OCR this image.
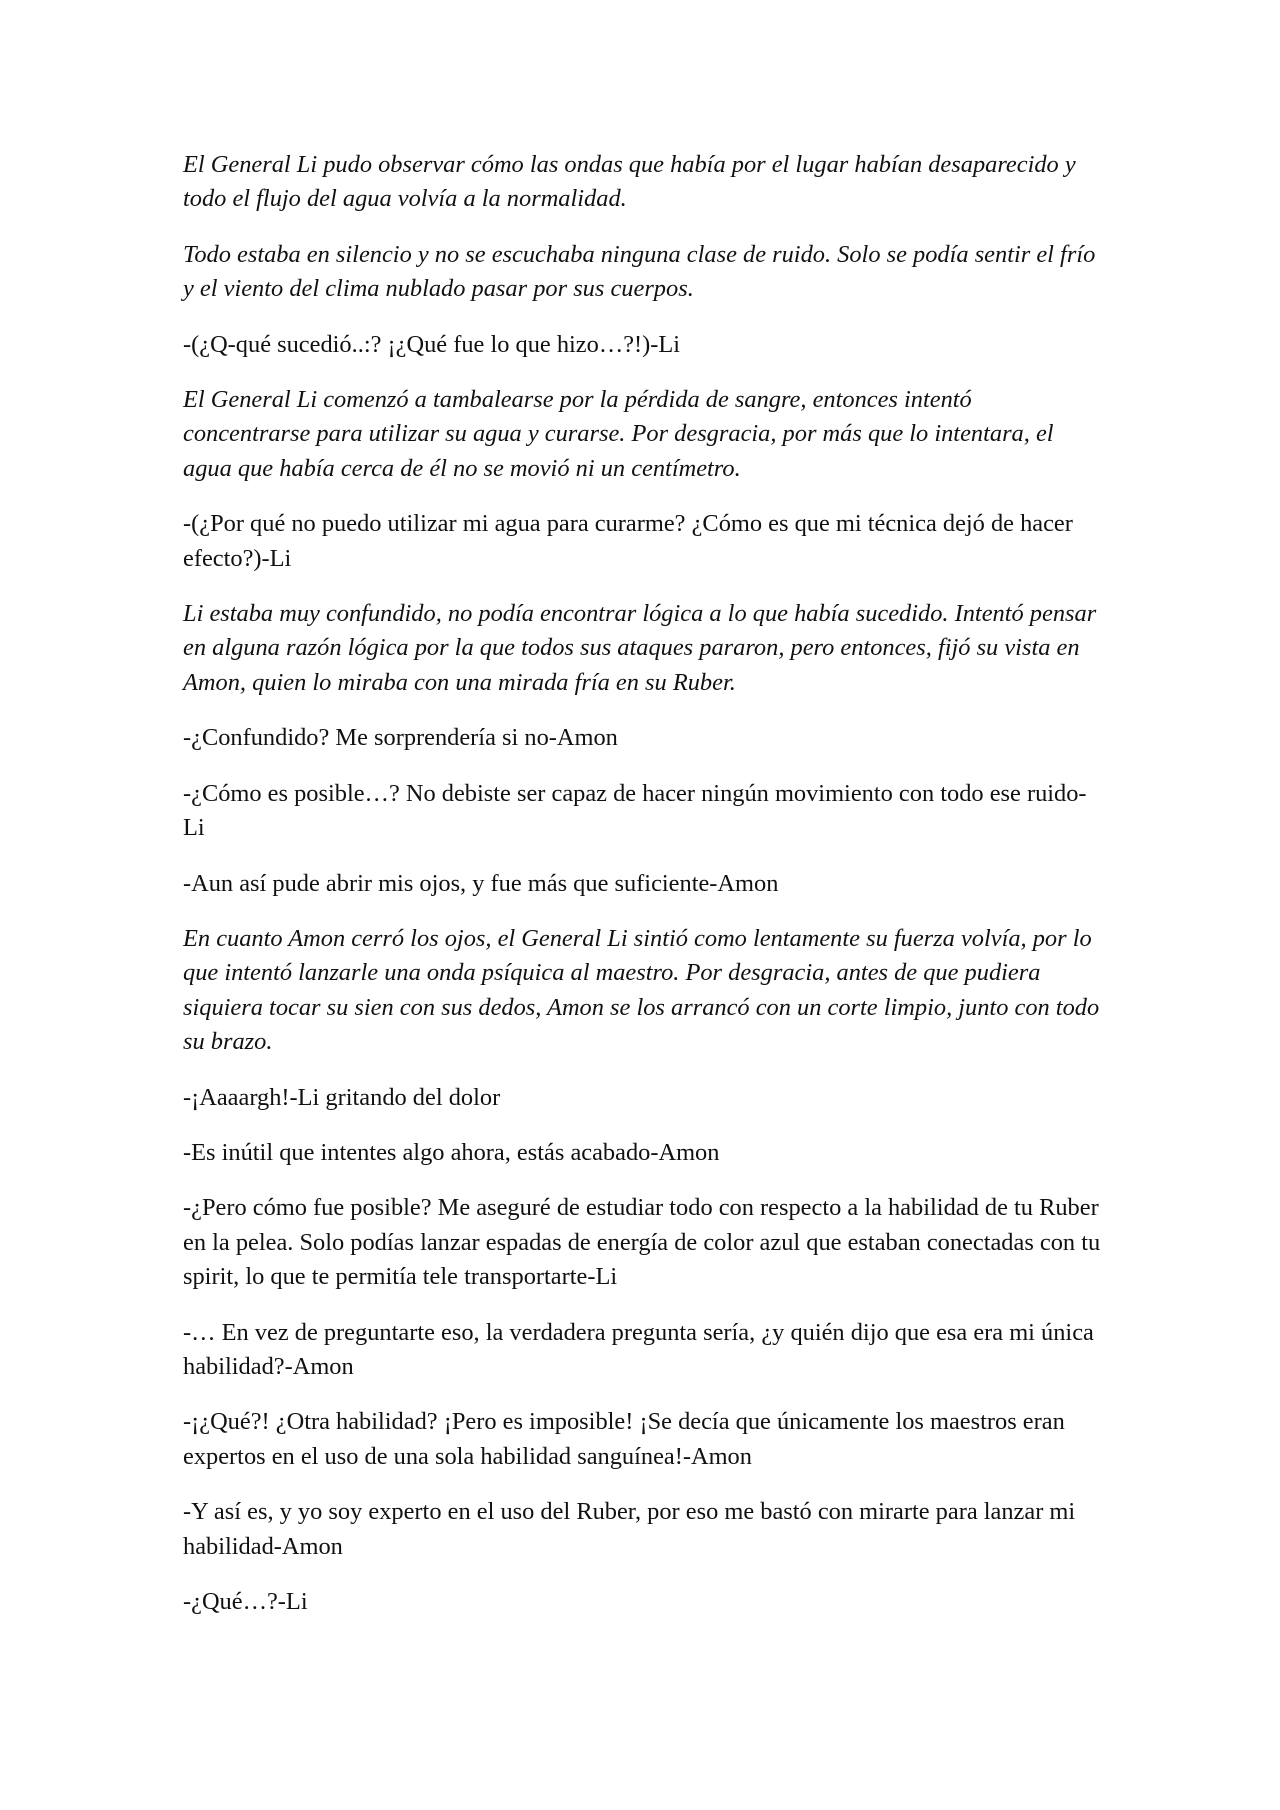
El General Li pudo observar cómo las ondas que había por el lugar habían desaparecido y todo el flujo del agua volvía a la normalidad.

Todo estaba en silencio y no se escuchaba ninguna clase de ruido. Solo se podía sentir el frío y el viento del clima nublado pasar por sus cuerpos.

-(¿Q-qué sucedió..:? ¡¿Qué fue lo que hizo…?!)-Li

El General Li comenzó a tambalearse por la pérdida de sangre, entonces intentó concentrarse para utilizar su agua y curarse. Por desgracia, por más que lo intentara, el agua que había cerca de él no se movió ni un centímetro.

-(¿Por qué no puedo utilizar mi agua para curarme? ¿Cómo es que mi técnica dejó de hacer efecto?)-Li

Li estaba muy confundido, no podía encontrar lógica a lo que había sucedido. Intentó pensar en alguna razón lógica por la que todos sus ataques pararon, pero entonces, fijó su vista en Amon, quien lo miraba con una mirada fría en su Ruber.

-¿Confundido? Me sorprendería si no-Amon

-¿Cómo es posible…? No debiste ser capaz de hacer ningún movimiento con todo ese ruido-Li

-Aun así pude abrir mis ojos, y fue más que suficiente-Amon

En cuanto Amon cerró los ojos, el General Li sintió como lentamente su fuerza volvía, por lo que intentó lanzarle una onda psíquica al maestro. Por desgracia, antes de que pudiera siquiera tocar su sien con sus dedos, Amon se los arrancó con un corte limpio, junto con todo su brazo.

-¡Aaaargh!-Li gritando del dolor

-Es inútil que intentes algo ahora, estás acabado-Amon

-¿Pero cómo fue posible? Me aseguré de estudiar todo con respecto a la habilidad de tu Ruber en la pelea. Solo podías lanzar espadas de energía de color azul que estaban conectadas con tu spirit, lo que te permitía tele transportarte-Li

-… En vez de preguntarte eso, la verdadera pregunta sería, ¿y quién dijo que esa era mi única habilidad?-Amon

-¡¿Qué?! ¿Otra habilidad? ¡Pero es imposible! ¡Se decía que únicamente los maestros eran expertos en el uso de una sola habilidad sanguínea!-Amon

-Y así es, y yo soy experto en el uso del Ruber, por eso me bastó con mirarte para lanzar mi habilidad-Amon

-¿Qué…?-Li
